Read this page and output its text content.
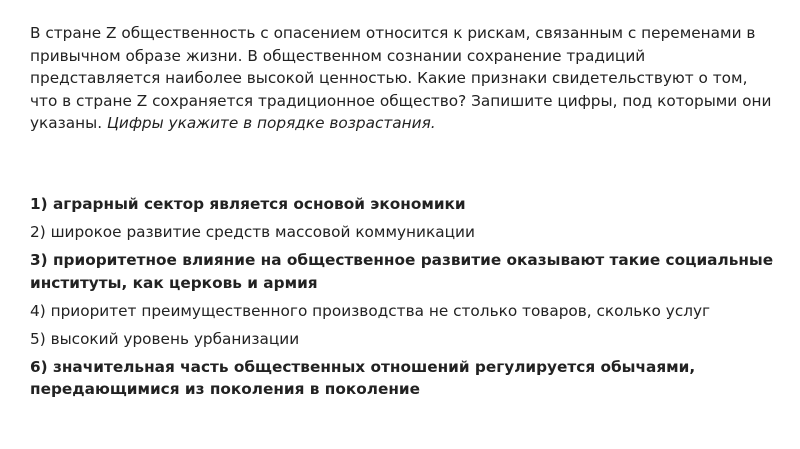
В стране Z общественность с опасением относится к рискам, связанным с переменами в привычном образе жизни. В общественном сознании сохранение традиций представляется наиболее высокой ценностью. Какие признаки свидетельствуют о том, что в стране Z сохраняется традиционное общество? Запишите цифры, под которыми они указаны. Цифры укажите в порядке возрастания.

1) аграрный сектор является основой экономики
2) широкое развитие средств массовой коммуникации
3) приоритетное влияние на общественное развитие оказывают такие социальные институты, как церковь и армия
4) приоритет преимущественного производства не столько товаров, сколько услуг
5) высокий уровень урбанизации
6) значительная часть общественных отношений регулируется обычаями, передающимися из поколения в поколение
